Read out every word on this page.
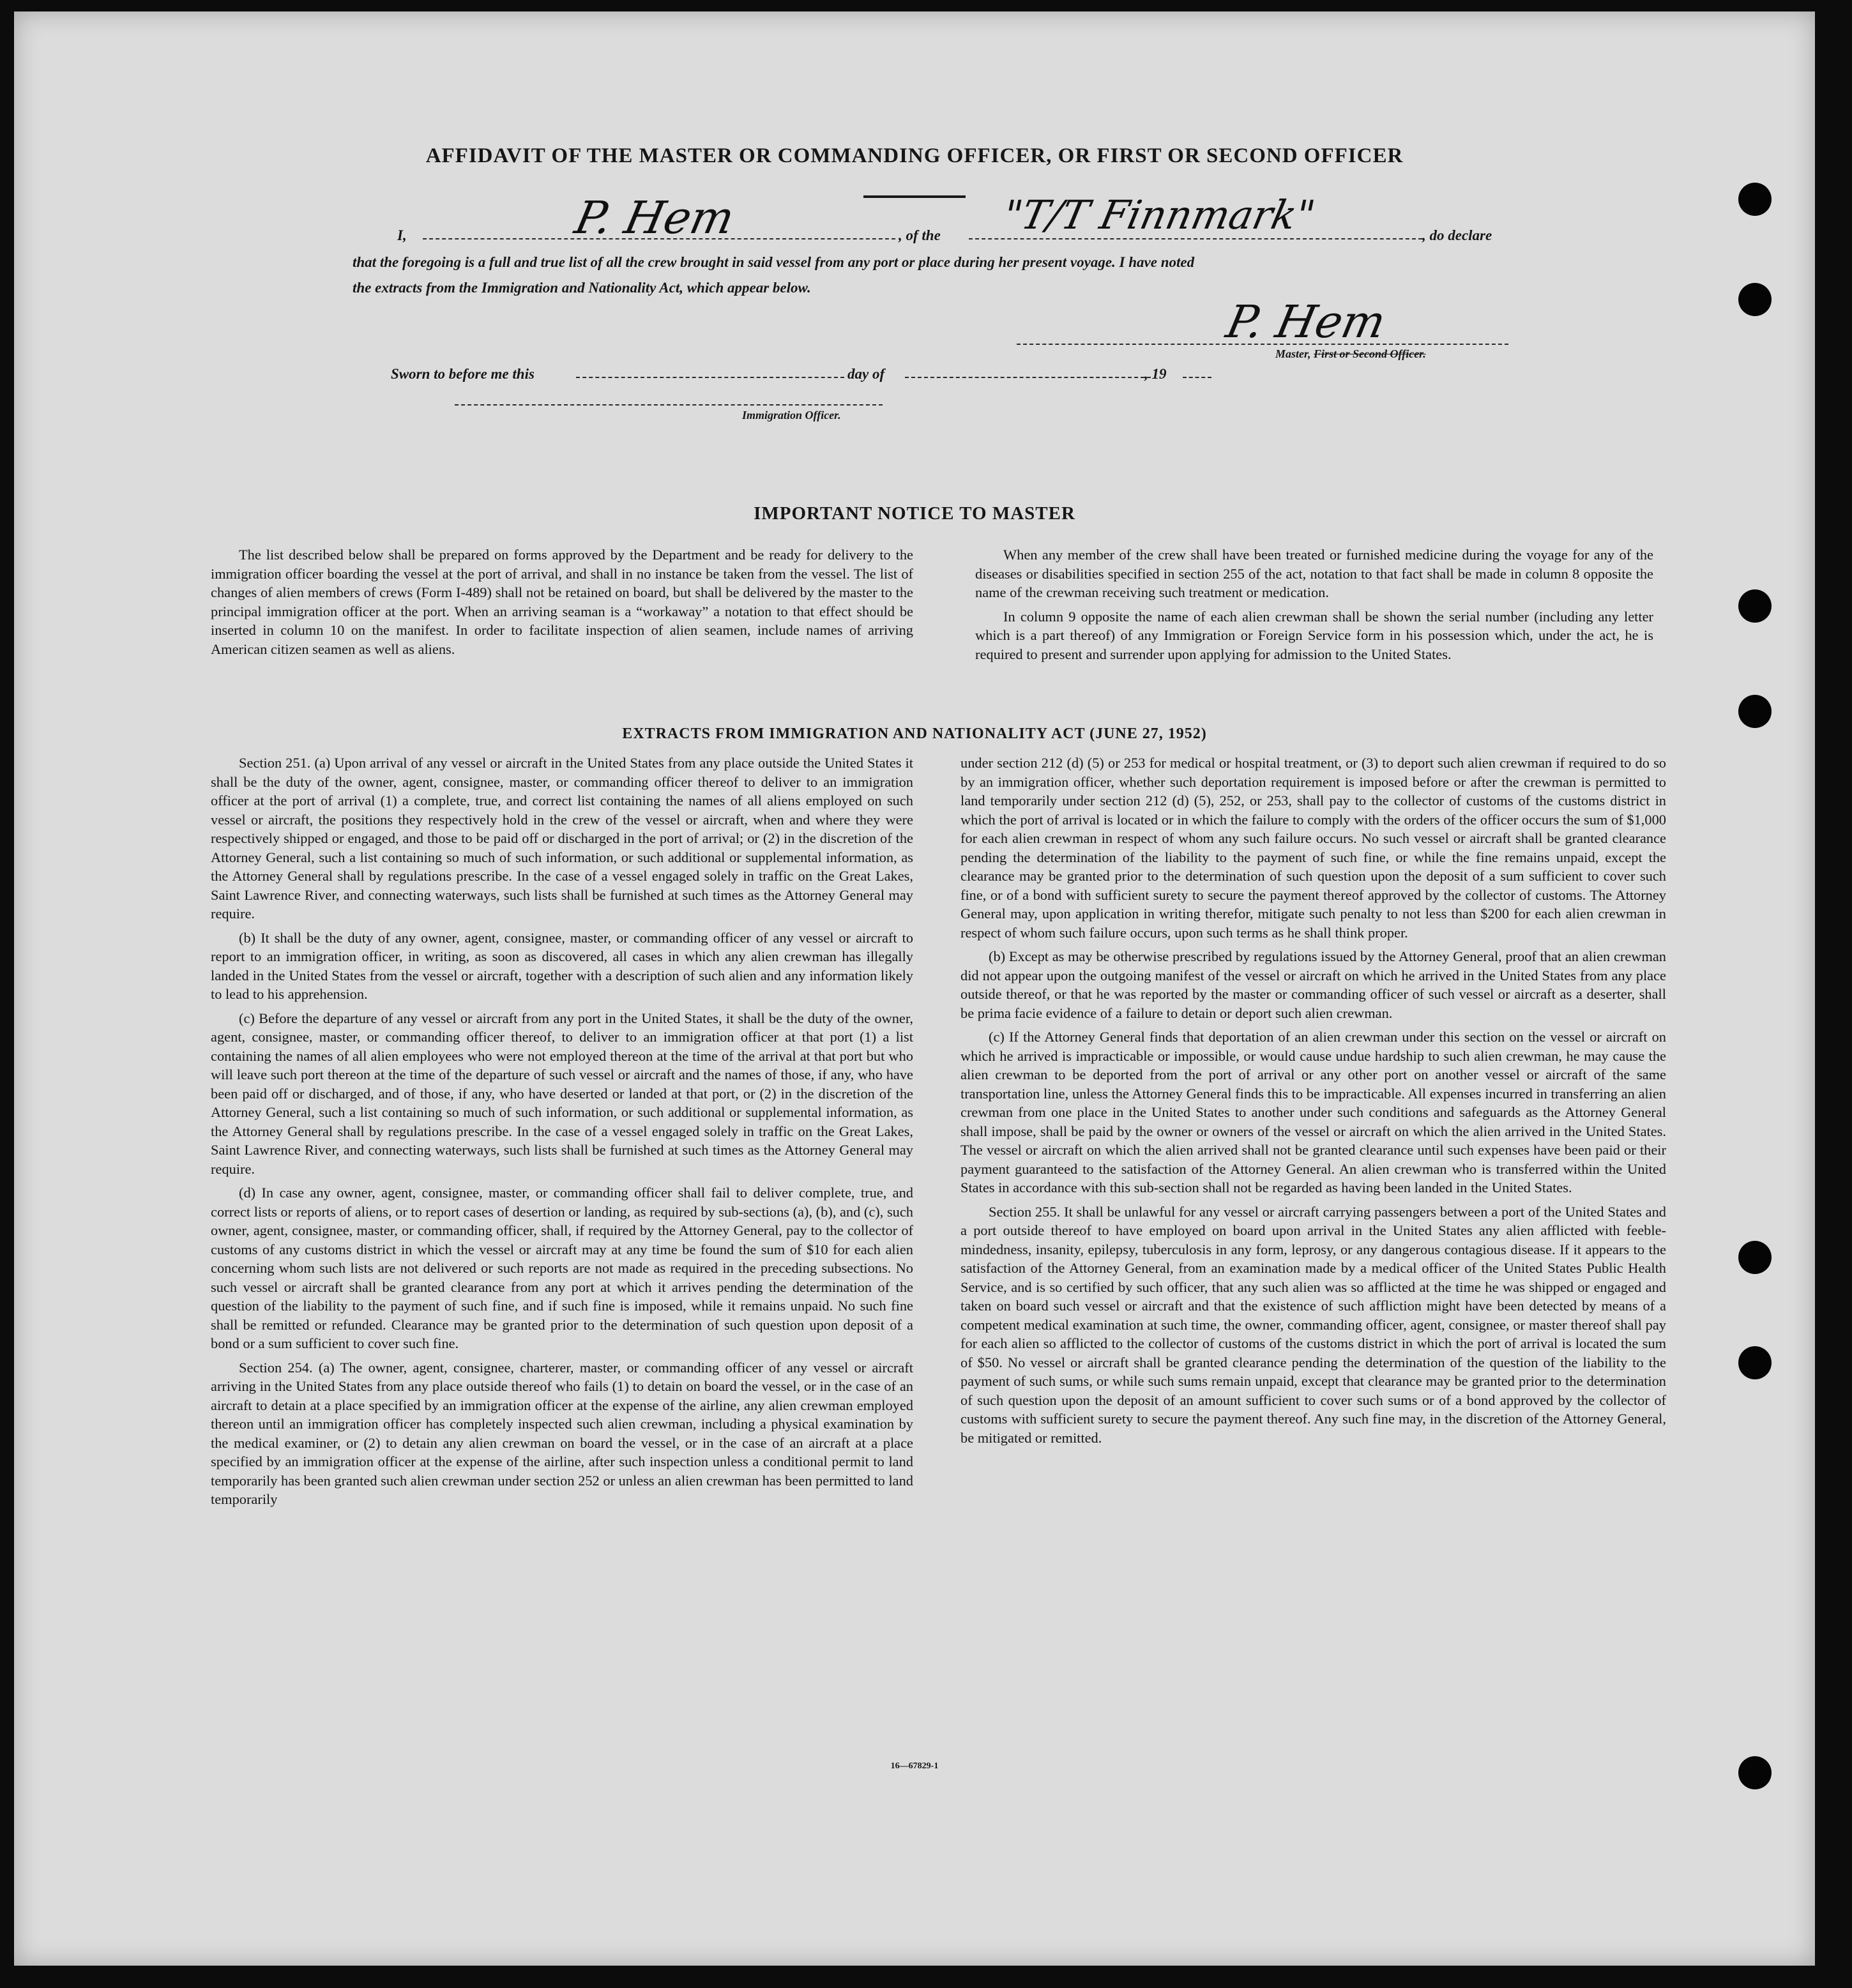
AFFIDAVIT OF THE MASTER OR COMMANDING OFFICER, OR FIRST OR SECOND OFFICER
I,	P. Hem	, of the "T/T Finnmark"	, do declare
that the foregoing is a full and true list of all the crew brought in said vessel from any port or place during her present voyage. I have noted
the extracts from the Immigration and Nationality Act, which appear below.
P. Hem
Master, First or Second Officer.
Sworn to before me this	day of	, 19
Immigration Officer.
IMPORTANT NOTICE TO MASTER

The list described below shall be prepared on forms approved by the Department and be ready for delivery to the immigration officer boarding the vessel at the port of arrival, and shall in no instance be taken from the vessel. The list of changes of alien members of crews (Form I-489) shall not be retained on board, but shall be delivered by the master to the principal immigration officer at the port. When an arriving seaman is a “workaway” a notation to that effect should be inserted in column 10 on the manifest. In order to facilitate inspection of alien seamen, include names of arriving American citizen seamen as well as aliens.

When any member of the crew shall have been treated or furnished medicine during the voyage for any of the diseases or disabilities specified in section 255 of the act, notation to that fact shall be made in column 8 opposite the name of the crewman receiving such treatment or medication.

In column 9 opposite the name of each alien crewman shall be shown the serial number (including any letter which is a part thereof) of any Immigration or Foreign Service form in his possession which, under the act, he is required to present and surrender upon applying for admission to the United States.

EXTRACTS FROM IMMIGRATION AND NATIONALITY ACT (JUNE 27, 1952)

Section 251. (a) Upon arrival of any vessel or aircraft in the United States from any place outside the United States it shall be the duty of the owner, agent, consignee, master, or commanding officer thereof to deliver to an immigration officer at the port of arrival (1) a complete, true, and correct list containing the names of all aliens employed on such vessel or aircraft, the positions they respectively hold in the crew of the vessel or aircraft, when and where they were respectively shipped or engaged, and those to be paid off or discharged in the port of arrival; or (2) in the discretion of the Attorney General, such a list containing so much of such information, or such additional or supplemental information, as the Attorney General shall by regulations prescribe. In the case of a vessel engaged solely in traffic on the Great Lakes, Saint Lawrence River, and connecting waterways, such lists shall be furnished at such times as the Attorney General may require.

(b) It shall be the duty of any owner, agent, consignee, master, or commanding officer of any vessel or aircraft to report to an immigration officer, in writing, as soon as discovered, all cases in which any alien crewman has illegally landed in the United States from the vessel or aircraft, together with a description of such alien and any information likely to lead to his apprehension.

(c) Before the departure of any vessel or aircraft from any port in the United States, it shall be the duty of the owner, agent, consignee, master, or commanding officer thereof, to deliver to an immigration officer at that port (1) a list containing the names of all alien employees who were not employed thereon at the time of the arrival at that port but who will leave such port thereon at the time of the departure of such vessel or aircraft and the names of those, if any, who have been paid off or discharged, and of those, if any, who have deserted or landed at that port, or (2) in the discretion of the Attorney General, such a list containing so much of such information, or such additional or supplemental information, as the Attorney General shall by regulations prescribe. In the case of a vessel engaged solely in traffic on the Great Lakes, Saint Lawrence River, and connecting waterways, such lists shall be furnished at such times as the Attorney General may require.

(d) In case any owner, agent, consignee, master, or commanding officer shall fail to deliver complete, true, and correct lists or reports of aliens, or to report cases of desertion or landing, as required by sub-sections (a), (b), and (c), such owner, agent, consignee, master, or commanding officer, shall, if required by the Attorney General, pay to the collector of customs of any customs district in which the vessel or aircraft may at any time be found the sum of $10 for each alien concerning whom such lists are not delivered or such reports are not made as required in the preceding subsections. No such vessel or aircraft shall be granted clearance from any port at which it arrives pending the determination of the question of the liability to the payment of such fine, and if such fine is imposed, while it remains unpaid. No such fine shall be remitted or refunded. Clearance may be granted prior to the determination of such question upon deposit of a bond or a sum sufficient to cover such fine.

Section 254. (a) The owner, agent, consignee, charterer, master, or commanding officer of any vessel or aircraft arriving in the United States from any place outside thereof who fails (1) to detain on board the vessel, or in the case of an aircraft to detain at a place specified by an immigration officer at the expense of the airline, any alien crewman employed thereon until an immigration officer has completely inspected such alien crewman, including a physical examination by the medical examiner, or (2) to detain any alien crewman on board the vessel, or in the case of an aircraft at a place specified by an immigration officer at the expense of the airline, after such inspection unless a conditional permit to land temporarily has been granted such alien crewman under section 252 or unless an alien crewman has been permitted to land temporarily

under section 212 (d) (5) or 253 for medical or hospital treatment, or (3) to deport such alien crewman if required to do so by an immigration officer, whether such deportation requirement is imposed before or after the crewman is permitted to land temporarily under section 212 (d) (5), 252, or 253, shall pay to the collector of customs of the customs district in which the port of arrival is located or in which the failure to comply with the orders of the officer occurs the sum of $1,000 for each alien crewman in respect of whom any such failure occurs. No such vessel or aircraft shall be granted clearance pending the determination of the liability to the payment of such fine, or while the fine remains unpaid, except the clearance may be granted prior to the determination of such question upon the deposit of a sum sufficient to cover such fine, or of a bond with sufficient surety to secure the payment thereof approved by the collector of customs. The Attorney General may, upon application in writing therefor, mitigate such penalty to not less than $200 for each alien crewman in respect of whom such failure occurs, upon such terms as he shall think proper.

(b) Except as may be otherwise prescribed by regulations issued by the Attorney General, proof that an alien crewman did not appear upon the outgoing manifest of the vessel or aircraft on which he arrived in the United States from any place outside thereof, or that he was reported by the master or commanding officer of such vessel or aircraft as a deserter, shall be prima facie evidence of a failure to detain or deport such alien crewman.

(c) If the Attorney General finds that deportation of an alien crewman under this section on the vessel or aircraft on which he arrived is impracticable or impossible, or would cause undue hardship to such alien crewman, he may cause the alien crewman to be deported from the port of arrival or any other port on another vessel or aircraft of the same transportation line, unless the Attorney General finds this to be impracticable. All expenses incurred in transferring an alien crewman from one place in the United States to another under such conditions and safeguards as the Attorney General shall impose, shall be paid by the owner or owners of the vessel or aircraft on which the alien arrived in the United States. The vessel or aircraft on which the alien arrived shall not be granted clearance until such expenses have been paid or their payment guaranteed to the satisfaction of the Attorney General. An alien crewman who is transferred within the United States in accordance with this sub-section shall not be regarded as having been landed in the United States.

Section 255. It shall be unlawful for any vessel or aircraft carrying passengers between a port of the United States and a port outside thereof to have employed on board upon arrival in the United States any alien afflicted with feeble-mindedness, insanity, epilepsy, tuberculosis in any form, leprosy, or any dangerous contagious disease. If it appears to the satisfaction of the Attorney General, from an examination made by a medical officer of the United States Public Health Service, and is so certified by such officer, that any such alien was so afflicted at the time he was shipped or engaged and taken on board such vessel or aircraft and that the existence of such affliction might have been detected by means of a competent medical examination at such time, the owner, commanding officer, agent, consignee, or master thereof shall pay for each alien so afflicted to the collector of customs of the customs district in which the port of arrival is located the sum of $50. No vessel or aircraft shall be granted clearance pending the determination of the question of the liability to the payment of such sums, or while such sums remain unpaid, except that clearance may be granted prior to the determination of such question upon the deposit of an amount sufficient to cover such sums or of a bond approved by the collector of customs with sufficient surety to secure the payment thereof. Any such fine may, in the discretion of the Attorney General, be mitigated or remitted.

16—67829-1
